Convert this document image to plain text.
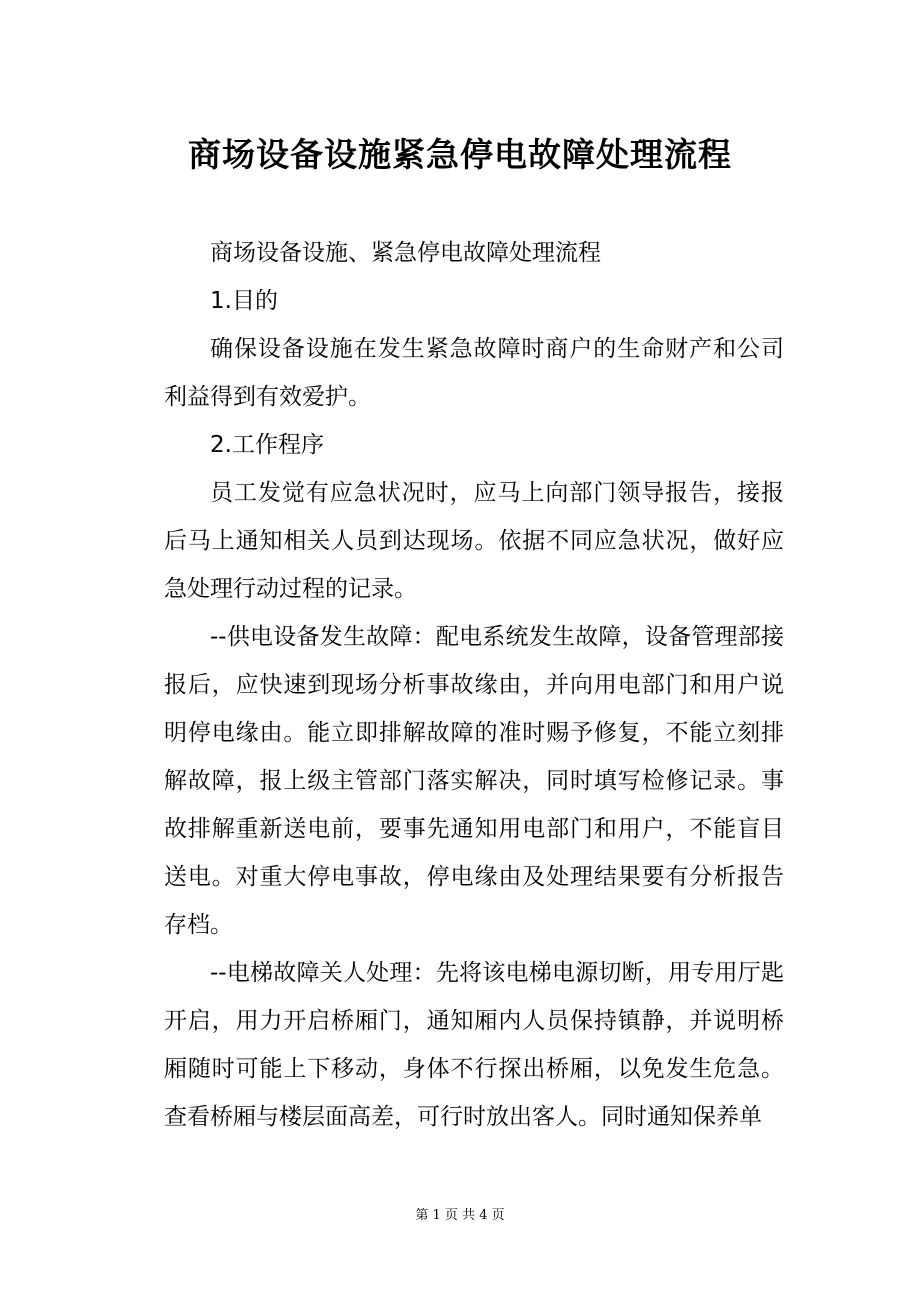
商场设备设施紧急停电故障处理流程

商场设备设施、紧急停电故障处理流程

1.目的

确保设备设施在发生紧急故障时商户的生命财产和公司利益得到有效爱护。

2.工作程序

员工发觉有应急状况时，应马上向部门领导报告，接报后马上通知相关人员到达现场。依据不同应急状况，做好应急处理行动过程的记录。

--供电设备发生故障：配电系统发生故障，设备管理部接报后，应快速到现场分析事故缘由，并向用电部门和用户说明停电缘由。能立即排解故障的准时赐予修复，不能立刻排解故障，报上级主管部门落实解决，同时填写检修记录。事故排解重新送电前，要事先通知用电部门和用户，不能盲目送电。对重大停电事故，停电缘由及处理结果要有分析报告存档。

--电梯故障关人处理：先将该电梯电源切断，用专用厅匙开启，用力开启桥厢门，通知厢内人员保持镇静，并说明桥厢随时可能上下移动，身体不行探出桥厢，以免发生危急。查看桥厢与楼层面高差，可行时放出客人。同时通知保养单

第 1 页 共 4 页
